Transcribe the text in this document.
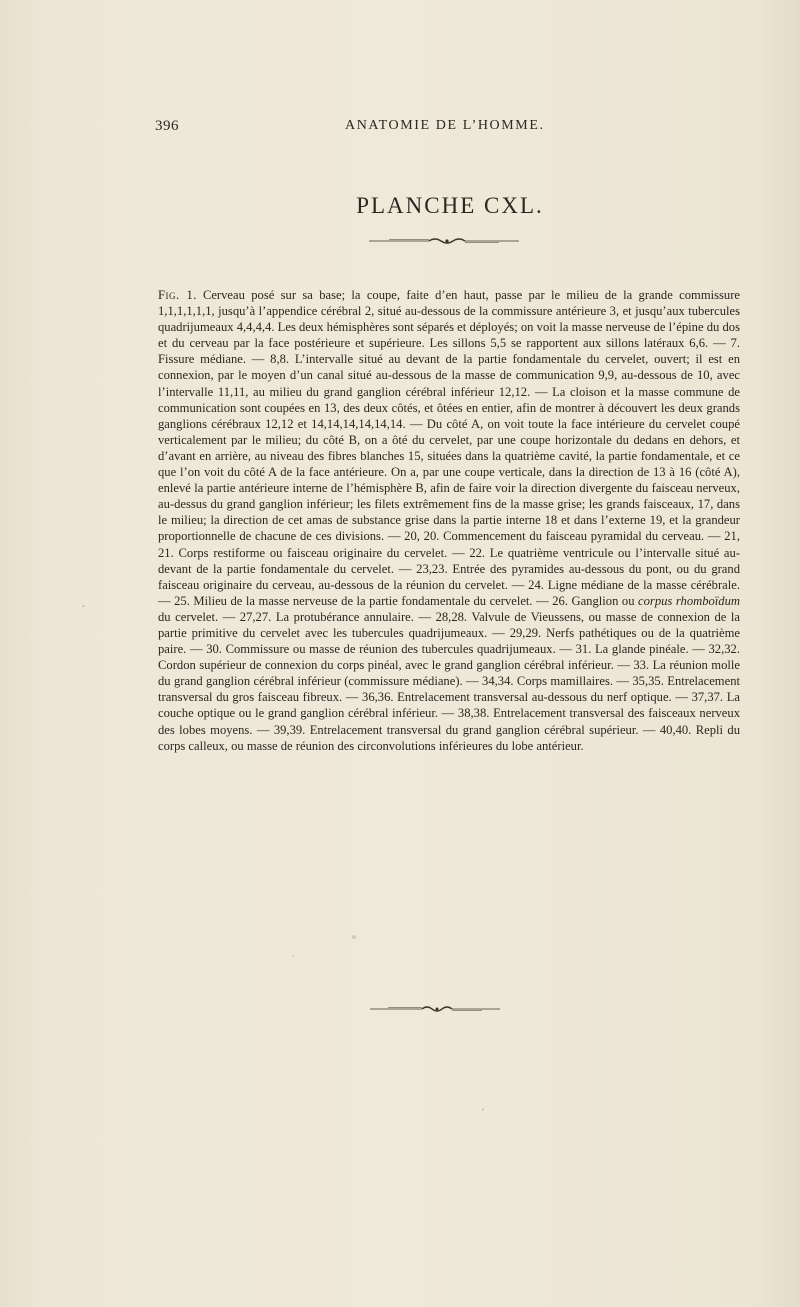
396	ANATOMIE DE L’HOMME.
PLANCHE CXL.

Fig. 1. Cerveau posé sur sa base; la coupe, faite d’en haut, passe par le milieu de la grande commissure 1,1,1,1,1,1, jusqu’à l’appendice cérébral 2, situé au-dessous de la commissure antérieure 3, et jusqu’aux tubercules quadrijumeaux 4,4,4,4. Les deux hémisphères sont séparés et déployés; on voit la masse nerveuse de l’épine du dos et du cerveau par la face postérieure et supérieure. Les sillons 5,5 se rapportent aux sillons latéraux 6,6. — 7. Fissure médiane. — 8,8. L’intervalle situé au devant de la partie fondamentale du cervelet, ouvert; il est en connexion, par le moyen d’un canal situé au-dessous de la masse de communication 9,9, au-dessous de 10, avec l’intervalle 11,11, au milieu du grand ganglion cérébral inférieur 12,12. — La cloison et la masse commune de communication sont coupées en 13, des deux côtés, et ôtées en entier, afin de montrer à découvert les deux grands ganglions cérébraux 12,12 et 14,14,14,14,14,14. — Du côté A, on voit toute la face intérieure du cervelet coupé verticalement par le milieu; du côté B, on a ôté du cervelet, par une coupe horizontale du dedans en dehors, et d’avant en arrière, au niveau des fibres blanches 15, situées dans la quatrième cavité, la partie fondamentale, et ce que l’on voit du côté A de la face antérieure. On a, par une coupe verticale, dans la direction de 13 à 16 (côté A), enlevé la partie antérieure interne de l’hémisphère B, afin de faire voir la direction divergente du faisceau nerveux, au-dessus du grand ganglion inférieur; les filets extrêmement fins de la masse grise; les grands faisceaux, 17, dans le milieu; la direction de cet amas de substance grise dans la partie interne 18 et dans l’externe 19, et la grandeur proportionnelle de chacune de ces divisions. — 20, 20. Commencement du faisceau pyramidal du cerveau. — 21, 21. Corps restiforme ou faisceau originaire du cervelet. — 22. Le quatrième ventricule ou l’intervalle situé au-devant de la partie fondamentale du cervelet. — 23,23. Entrée des pyramides au-dessous du pont, ou du grand faisceau originaire du cerveau, au-dessous de la réunion du cervelet. — 24. Ligne médiane de la masse cérébrale. — 25. Milieu de la masse nerveuse de la partie fondamentale du cervelet. — 26. Ganglion ou corpus rhomboïdum du cervelet. — 27,27. La protubérance annulaire. — 28,28. Valvule de Vieussens, ou masse de connexion de la partie primitive du cervelet avec les tubercules quadrijumeaux. — 29,29. Nerfs pathétiques ou de la quatrième paire. — 30. Commissure ou masse de réunion des tubercules quadrijumeaux. — 31. La glande pinéale. — 32,32. Cordon supérieur de connexion du corps pinéal, avec le grand ganglion cérébral inférieur. — 33. La réunion molle du grand ganglion cérébral inférieur (commissure médiane). — 34,34. Corps mamillaires. — 35,35. Entrelacement transversal du gros faisceau fibreux. — 36,36. Entrelacement transversal au-dessous du nerf optique. — 37,37. La couche optique ou le grand ganglion cérébral inférieur. — 38,38. Entrelacement transversal des faisceaux nerveux des lobes moyens. — 39,39. Entrelacement transversal du grand ganglion cérébral supérieur. — 40,40. Repli du corps calleux, ou masse de réunion des circonvolutions inférieures du lobe antérieur.
